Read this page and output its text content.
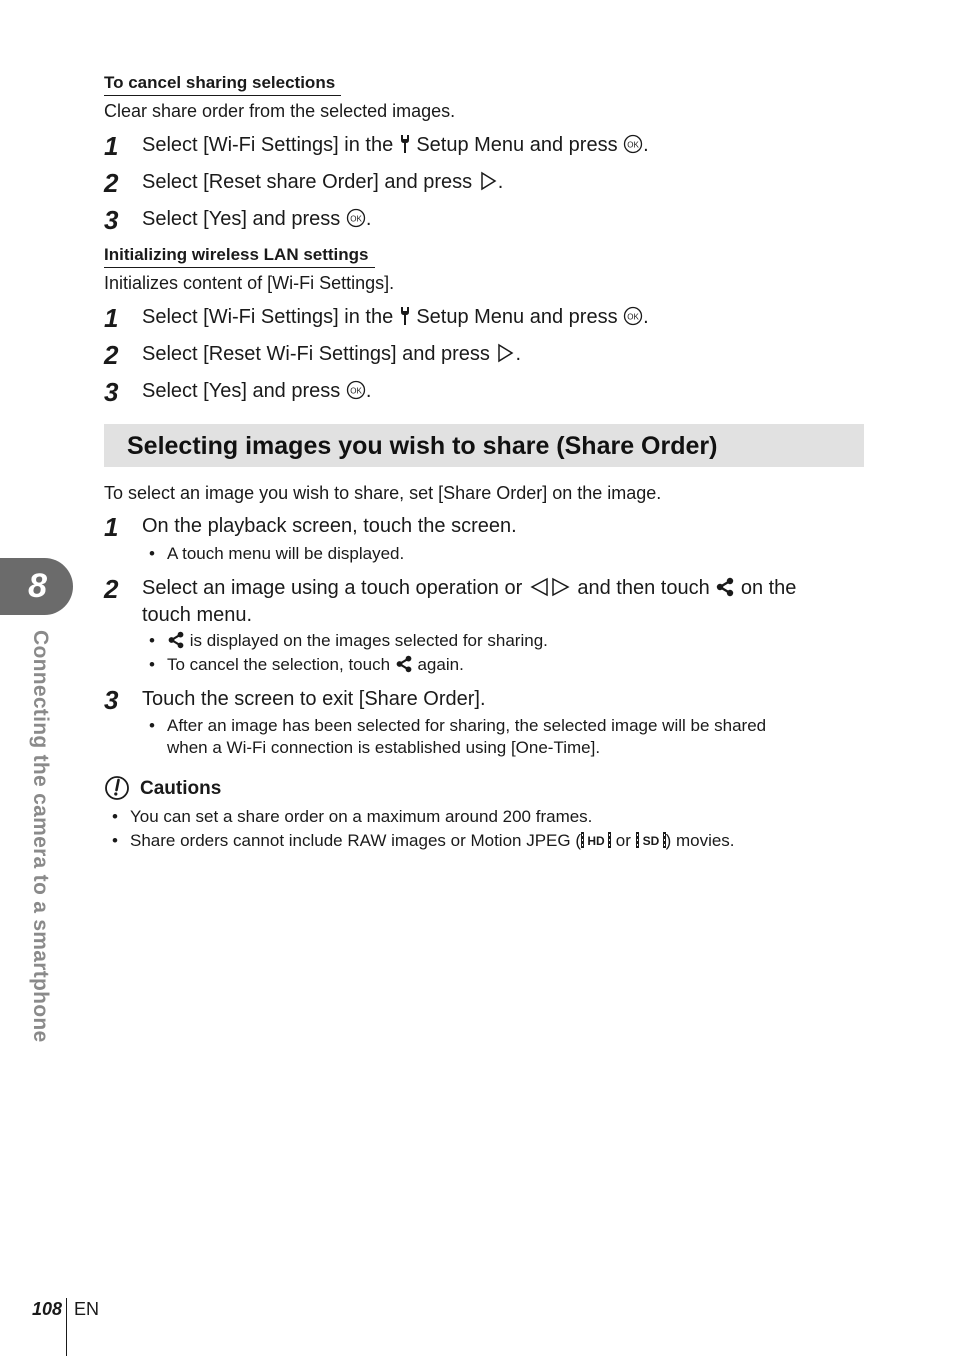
To cancel sharing selections
Clear share order from the selected images.
1 Select [Wi-Fi Settings] in the  Setup Menu and press OK .
2 Select [Reset share Order] and press .
3 Select [Yes] and press OK .
Initializing wireless LAN settings
Initializes content of [Wi-Fi Settings].
1 Select [Wi-Fi Settings] in the  Setup Menu and press OK .
2 Select [Reset Wi-Fi Settings] and press .
3 Select [Yes] and press OK .
Selecting images you wish to share (Share Order)
To select an image you wish to share, set [Share Order] on the image.
1 On the playback screen, touch the screen.
• A touch menu will be displayed.
2 Select an image using a touch operation or  and then touch  on the
touch menu.
•	is displayed on the images selected for sharing.
• To cancel the selection, touch  again.
3 Touch the screen to exit [Share Order].
• After an image has been selected for sharing, the selected image will be shared
when a Wi-Fi connection is established using [One-Time].
Cautions
• You can set a share order on a maximum around 200 frames.
• Share orders cannot include RAW images or Motion JPEG ( HD or SD ) movies.
8
Connecting the camera to a smartphone
108 EN
